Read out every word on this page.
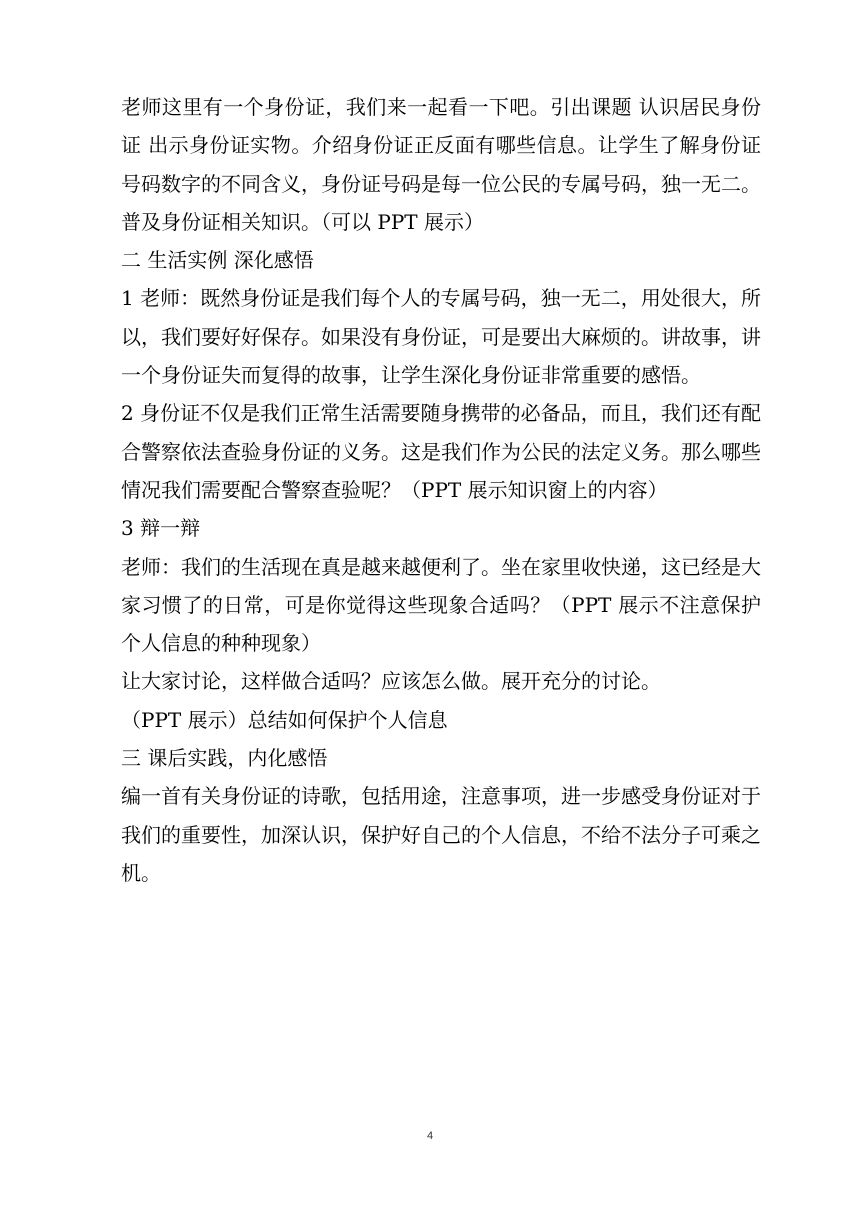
老师这里有一个身份证，我们来一起看一下吧。引出课题 认识居民身份证 出示身份证实物。介绍身份证正反面有哪些信息。让学生了解身份证号码数字的不同含义，身份证号码是每一位公民的专属号码，独一无二。普及身份证相关知识。（可以 PPT 展示）

二 生活实例 深化感悟

1 老师：既然身份证是我们每个人的专属号码，独一无二，用处很大，所以，我们要好好保存。如果没有身份证，可是要出大麻烦的。讲故事，讲一个身份证失而复得的故事，让学生深化身份证非常重要的感悟。

2 身份证不仅是我们正常生活需要随身携带的必备品，而且，我们还有配合警察依法查验身份证的义务。这是我们作为公民的法定义务。那么哪些情况我们需要配合警察查验呢？（PPT 展示知识窗上的内容）

3 辩一辩

老师：我们的生活现在真是越来越便利了。坐在家里收快递，这已经是大家习惯了的日常，可是你觉得这些现象合适吗？（PPT 展示不注意保护个人信息的种种现象）

让大家讨论，这样做合适吗？应该怎么做。展开充分的讨论。

（PPT 展示）总结如何保护个人信息

三 课后实践，内化感悟

编一首有关身份证的诗歌，包括用途，注意事项，进一步感受身份证对于我们的重要性，加深认识，保护好自己的个人信息，不给不法分子可乘之机。

4
